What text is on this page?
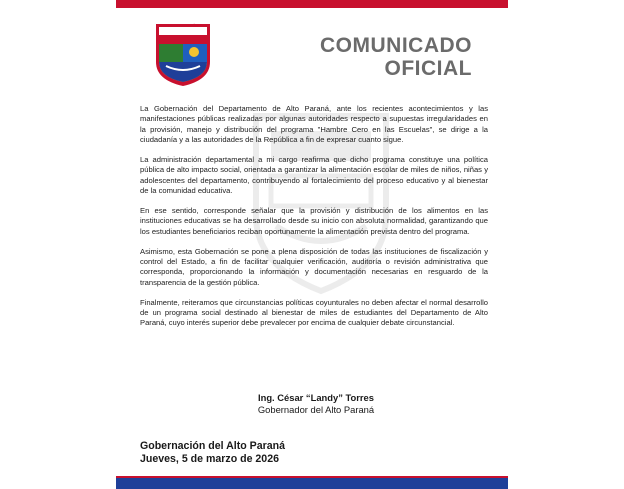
GOBERNACIÓN
ALTO PARANÁ
COMUNICADO
OFICIAL

La Gobernación del Departamento de Alto Paraná, ante los recientes acontecimientos y las manifestaciones públicas realizadas por algunas autoridades respecto a supuestas irregularidades en la provisión, manejo y distribución del programa "Hambre Cero en las Escuelas", se dirige a la ciudadanía y a las autoridades de la República a fin de expresar cuanto sigue.

La administración departamental a mi cargo reafirma que dicho programa constituye una política pública de alto impacto social, orientada a garantizar la alimentación escolar de miles de niños, niñas y adolescentes del departamento, contribuyendo al fortalecimiento del proceso educativo y al bienestar de la comunidad educativa.

En ese sentido, corresponde señalar que la provisión y distribución de los alimentos en las instituciones educativas se ha desarrollado desde su inicio con absoluta normalidad, garantizando que los estudiantes beneficiarios reciban oportunamente la alimentación prevista dentro del programa.

Asimismo, esta Gobernación se pone a plena disposición de todas las instituciones de fiscalización y control del Estado, a fin de facilitar cualquier verificación, auditoría o revisión administrativa que corresponda, proporcionando la información y documentación necesarias en resguardo de la transparencia de la gestión pública.

Finalmente, reiteramos que circunstancias políticas coyunturales no deben afectar el normal desarrollo de un programa social destinado al bienestar de miles de estudiantes del Departamento de Alto Paraná, cuyo interés superior debe prevalecer por encima de cualquier debate circunstancial.

Ing. César “Landy” Torres
Gobernador del Alto Paraná
Gobernación del Alto Paraná
Jueves, 5 de marzo de 2026
